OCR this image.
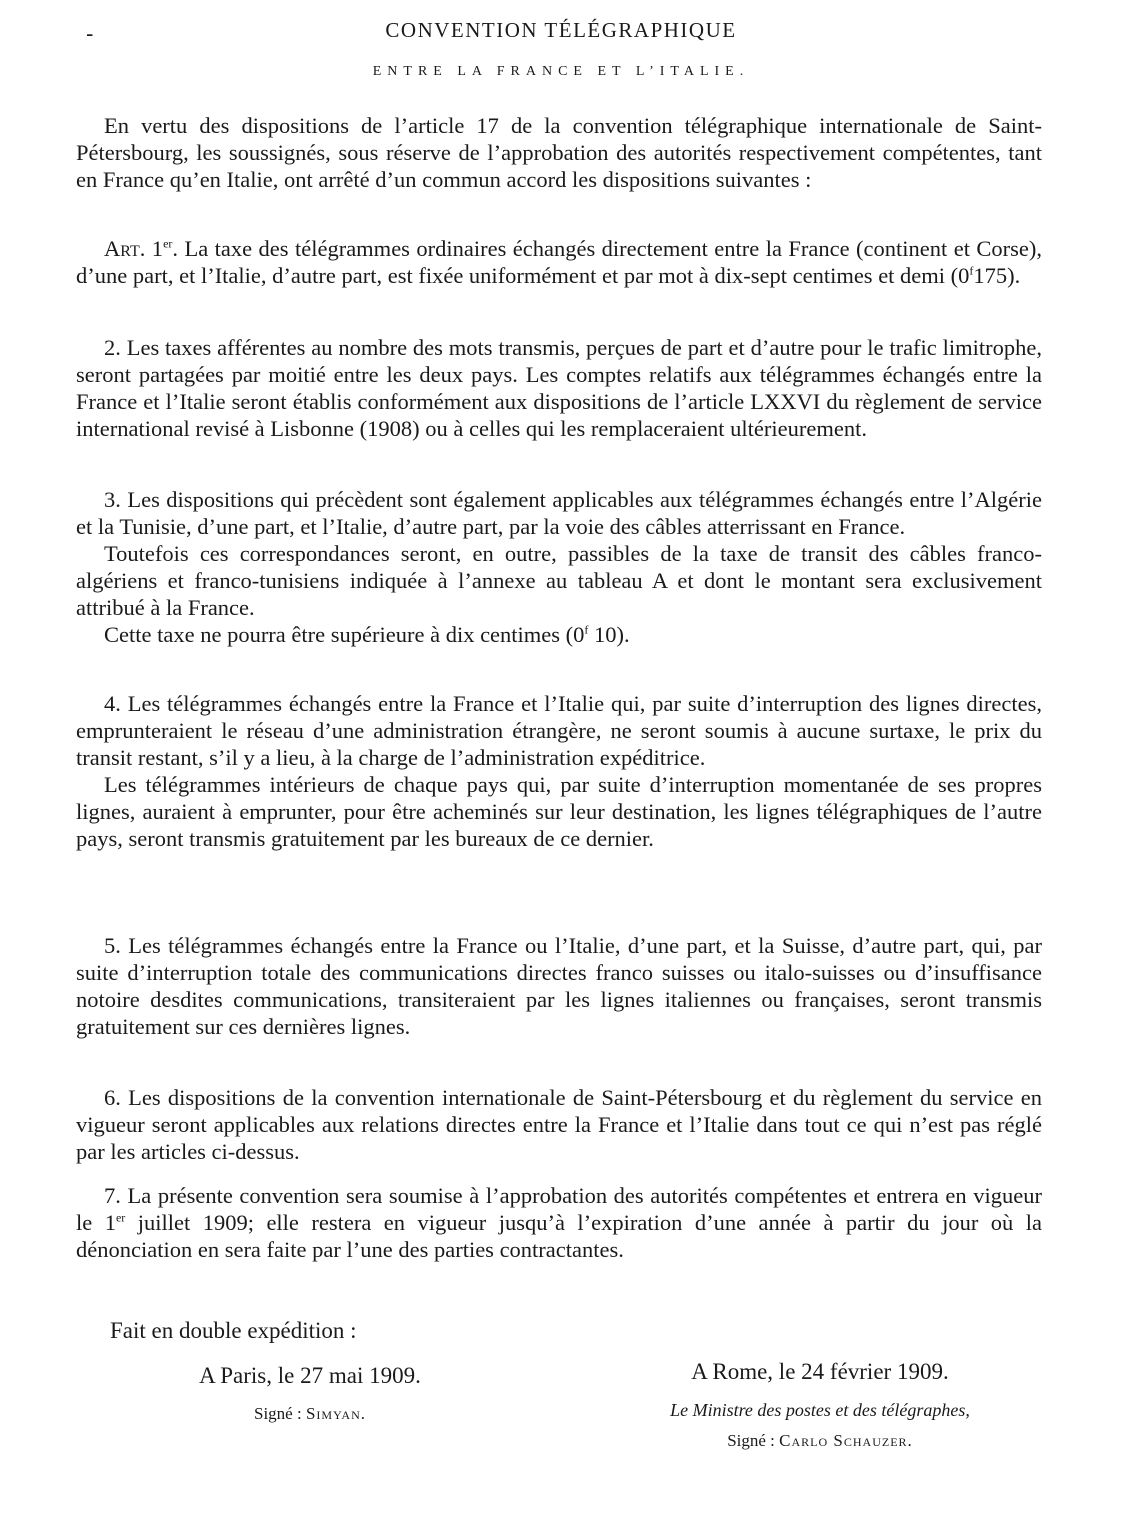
-	CONVENTION TÉLÉGRAPHIQUE
ENTRE LA FRANCE ET L’ITALIE.

En vertu des dispositions de l’article 17 de la convention télégraphique internationale de Saint-Pétersbourg, les soussignés, sous réserve de l’approbation des autorités respectivement compétentes, tant en France qu’en Italie, ont arrêté d’un commun accord les dispositions suivantes :

Art. 1er. La taxe des télégrammes ordinaires échangés directement entre la France (continent et Corse), d’une part, et l’Italie, d’autre part, est fixée uniformément et par mot à dix-sept centimes et demi (0$^f$175).

2. Les taxes afférentes au nombre des mots transmis, perçues de part et d’autre pour le trafic limitrophe, seront partagées par moitié entre les deux pays. Les comptes relatifs aux télégrammes échangés entre la France et l’Italie seront établis conformément aux dispositions de l’article LXXVI du règlement de service international revisé à Lisbonne (1908) ou à celles qui les remplaceraient ultérieurement.

3. Les dispositions qui précèdent sont également applicables aux télégrammes échangés entre l’Algérie et la Tunisie, d’une part, et l’Italie, d’autre part, par la voie des câbles atterrissant en France.

Toutefois ces correspondances seront, en outre, passibles de la taxe de transit des câbles franco-algériens et franco-tunisiens indiquée à l’annexe au tableau A et dont le montant sera exclusivement attribué à la France.

Cette taxe ne pourra être supérieure à dix centimes (0$^f$ 10).

4. Les télégrammes échangés entre la France et l’Italie qui, par suite d’interruption des lignes directes, emprunteraient le réseau d’une administration étrangère, ne seront soumis à aucune surtaxe, le prix du transit restant, s’il y a lieu, à la charge de l’administration expéditrice.

Les télégrammes intérieurs de chaque pays qui, par suite d’interruption momentanée de ses propres lignes, auraient à emprunter, pour être acheminés sur leur destination, les lignes télégraphiques de l’autre pays, seront transmis gratuitement par les bureaux de ce dernier.

5. Les télégrammes échangés entre la France ou l’Italie, d’une part, et la Suisse, d’autre part, qui, par suite d’interruption totale des communications directes franco suisses ou italo-suisses ou d’insuffisance notoire desdites communications, transiteraient par les lignes italiennes ou françaises, seront transmis gratuitement sur ces dernières lignes.

6. Les dispositions de la convention internationale de Saint-Pétersbourg et du règlement du service en vigueur seront applicables aux relations directes entre la France et l’Italie dans tout ce qui n’est pas réglé par les articles ci-dessus.

7. La présente convention sera soumise à l’approbation des autorités compétentes et entrera en vigueur le 1er juillet 1909; elle restera en vigueur jusqu’à l’expiration d’une année à partir du jour où la dénonciation en sera faite par l’une des parties contractantes.

Fait en double expédition :
A Paris, le 27 mai 1909.
Signé : Simyan.
A Rome, le 24 février 1909.
Le Ministre des postes et des télégraphes,
Signé : Carlo Schauzer.
